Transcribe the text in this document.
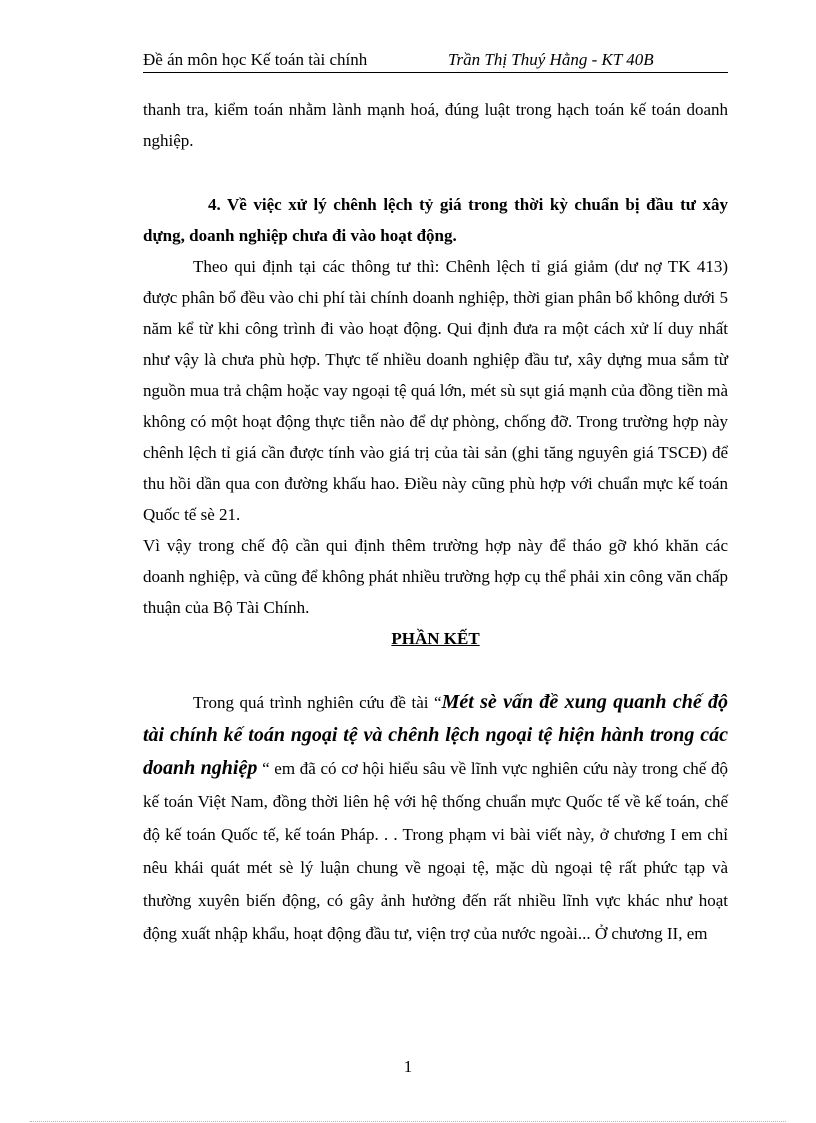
Đề án môn học Kế toán tài chính	Trần Thị Thuý Hằng - KT 40B

thanh tra, kiểm toán nhằm lành mạnh hoá, đúng luật trong hạch toán kế toán doanh nghiệp.

4. Về việc xử lý chênh lệch tỷ giá trong thời kỳ chuẩn bị đầu tư xây dựng, doanh nghiệp chưa đi vào hoạt động.

Theo qui định tại các thông tư thì: Chênh lệch tỉ giá giảm (dư nợ TK 413) được phân bổ đều vào chi phí tài chính doanh nghiệp, thời gian phân bổ không dưới 5 năm kể từ khi công trình đi vào hoạt động. Qui định đưa ra một cách xử lí duy nhất như vậy là chưa phù hợp. Thực tế nhiều doanh nghiệp đầu tư, xây dựng mua sắm từ nguồn mua trả chậm hoặc vay ngoại tệ quá lớn, mét sù sụt giá mạnh của đồng tiền mà không có một hoạt động thực tiễn nào để dự phòng, chống đỡ. Trong trường hợp này chênh lệch tỉ giá cần được tính vào giá trị của tài sản (ghi tăng nguyên giá TSCĐ) để thu hồi dần qua con đường khấu hao. Điều này cũng phù hợp với chuẩn mực kế toán Quốc tế sè 21.

Vì vậy trong chế độ cần qui định thêm trường hợp này để tháo gỡ khó khăn các doanh nghiệp, và cũng để không phát nhiều trường hợp cụ thể phải xin công văn chấp thuận của Bộ Tài Chính.

PHẦN KẾT

Trong quá trình nghiên cứu đề tài “Mét sè vấn đề xung quanh chế độ tài chính kế toán ngoại tệ và chênh lệch ngoại tệ hiện hành trong các doanh nghiệp “ em đã có cơ hội hiểu sâu về lĩnh vực nghiên cứu này trong chế độ kế toán Việt Nam, đồng thời liên hệ với hệ thống chuẩn mực Quốc tế về kế toán, chế độ kế toán Quốc tế, kế toán Pháp. . . Trong phạm vi bài viết này, ở chương I em chỉ nêu khái quát mét sè lý luận chung về ngoại tệ, mặc dù ngoại tệ rất phức tạp và thường xuyên biến động, có gây ảnh hưởng đến rất nhiều lĩnh vực khác như hoạt động xuất nhập khẩu, hoạt động đầu tư, viện trợ của nước ngoài... Ở chương II, em

1
